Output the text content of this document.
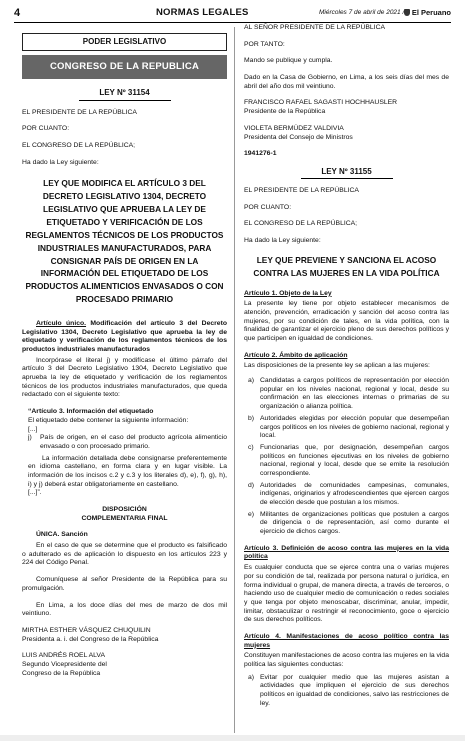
4	NORMAS LEGALES	Miércoles 7 de abril de 2021 /	El Peruano
PODER LEGISLATIVO
CONGRESO DE LA REPUBLICA
LEY Nº 31154

EL PRESIDENTE DE LA REPÚBLICA

POR CUANTO:

EL CONGRESO DE LA REPÚBLICA;

Ha dado la Ley siguiente:

LEY QUE MODIFICA EL ARTÍCULO 3 DEL DECRETO LEGISLATIVO 1304, DECRETO LEGISLATIVO QUE APRUEBA LA LEY DE ETIQUETADO Y VERIFICACIÓN DE LOS REGLAMENTOS TÉCNICOS DE LOS PRODUCTOS INDUSTRIALES MANUFACTURADOS, PARA CONSIGNAR PAÍS DE ORIGEN EN LA INFORMACIÓN DEL ETIQUETADO DE LOS PRODUCTOS ALIMENTICIOS ENVASADOS O CON PROCESADO PRIMARIO

Artículo único. Modificación del artículo 3 del Decreto Legislativo 1304, Decreto Legislativo que aprueba la ley de etiquetado y verificación de los reglamentos técnicos de los productos industriales manufacturados

Incorpórase el literal j) y modifícase el último párrafo del artículo 3 del Decreto Legislativo 1304, Decreto Legislativo que aprueba la ley de etiquetado y verificación de los reglamentos técnicos de los productos industriales manufacturados, que queda redactado con el siguiente texto:

“Artículo 3. Información del etiquetado
El etiquetado debe contener la siguiente información:
[...]
j)	País de origen, en el caso del producto agrícola alimenticio envasado o con procesado primario.
La información detallada debe consignarse preferentemente en idioma castellano, en forma clara y en lugar visible. La información de los incisos c.2 y c.3 y los literales d), e), f), g), h), i) y j) deberá estar obligatoriamente en castellano.
[...]”.
DISPOSICIÓN
COMPLEMENTARIA FINAL

ÚNICA. Sanción

En el caso de que se determine que el producto es falsificado o adulterado es de aplicación lo dispuesto en los artículos 223 y 224 del Código Penal.

Comuníquese al señor Presidente de la República para su promulgación.

En Lima, a los doce días del mes de marzo de dos mil veintiuno.

MIRTHA ESTHER VÁSQUEZ CHUQUILIN

Presidenta a. i. del Congreso de la República

LUIS ANDRÉS ROEL ALVA

Segundo Vicepresidente del

Congreso de la República

AL SEÑOR PRESIDENTE DE LA REPÚBLICA

POR TANTO:

Mando se publique y cumpla.

Dado en la Casa de Gobierno, en Lima, a los seis días del mes de abril del año dos mil veintiuno.

FRANCISCO RAFAEL SAGASTI HOCHHAUSLER

Presidente de la República

VIOLETA BERMÚDEZ VALDIVIA

Presidenta del Consejo de Ministros

1941276-1

LEY Nº 31155

EL PRESIDENTE DE LA REPÚBLICA

POR CUANTO:

EL CONGRESO DE LA REPÚBLICA;

Ha dado la Ley siguiente:

LEY QUE PREVIENE Y SANCIONA EL ACOSO CONTRA LAS MUJERES EN LA VIDA POLÍTICA

Artículo 1. Objeto de la Ley

La presente ley tiene por objeto establecer mecanismos de atención, prevención, erradicación y sanción del acoso contra las mujeres, por su condición de tales, en la vida política, con la finalidad de garantizar el ejercicio pleno de sus derechos políticos y que participen en igualdad de condiciones.

Artículo 2. Ámbito de aplicación

Las disposiciones de la presente ley se aplican a las mujeres:

a) Candidatas a cargos políticos de representación por elección popular en los niveles nacional, regional y local, desde su confirmación en las elecciones internas o primarias de su organización o alianza política.
b) Autoridades elegidas por elección popular que desempeñan cargos políticos en los niveles de gobierno nacional, regional y local.
c) Funcionarias que, por designación, desempeñan cargos políticos en funciones ejecutivas en los niveles de gobierno nacional, regional y local, desde que se emite la resolución correspondiente.
d) Autoridades de comunidades campesinas, comunales, indígenas, originarios y afrodescendientes que ejercen cargos de elección desde que postulan a los mismos.
e) Militantes de organizaciones políticas que postulen a cargos de dirigencia o de representación, así como durante el ejercicio de dichos cargos.

Artículo 3. Definición de acoso contra las mujeres en la vida política

Es cualquier conducta que se ejerce contra una o varias mujeres por su condición de tal, realizada por persona natural o jurídica, en forma individual o grupal, de manera directa, a través de terceros, o haciendo uso de cualquier medio de comunicación o redes sociales y que tenga por objeto menoscabar, discriminar, anular, impedir, limitar, obstaculizar o restringir el reconocimiento, goce o ejercicio de sus derechos políticos.

Artículo 4. Manifestaciones de acoso político contra las mujeres

Constituyen manifestaciones de acoso contra las mujeres en la vida política las siguientes conductas:

a) Evitar por cualquier medio que las mujeres asistan a actividades que impliquen el ejercicio de sus derechos políticos en igualdad de condiciones, salvo las restricciones de ley.
